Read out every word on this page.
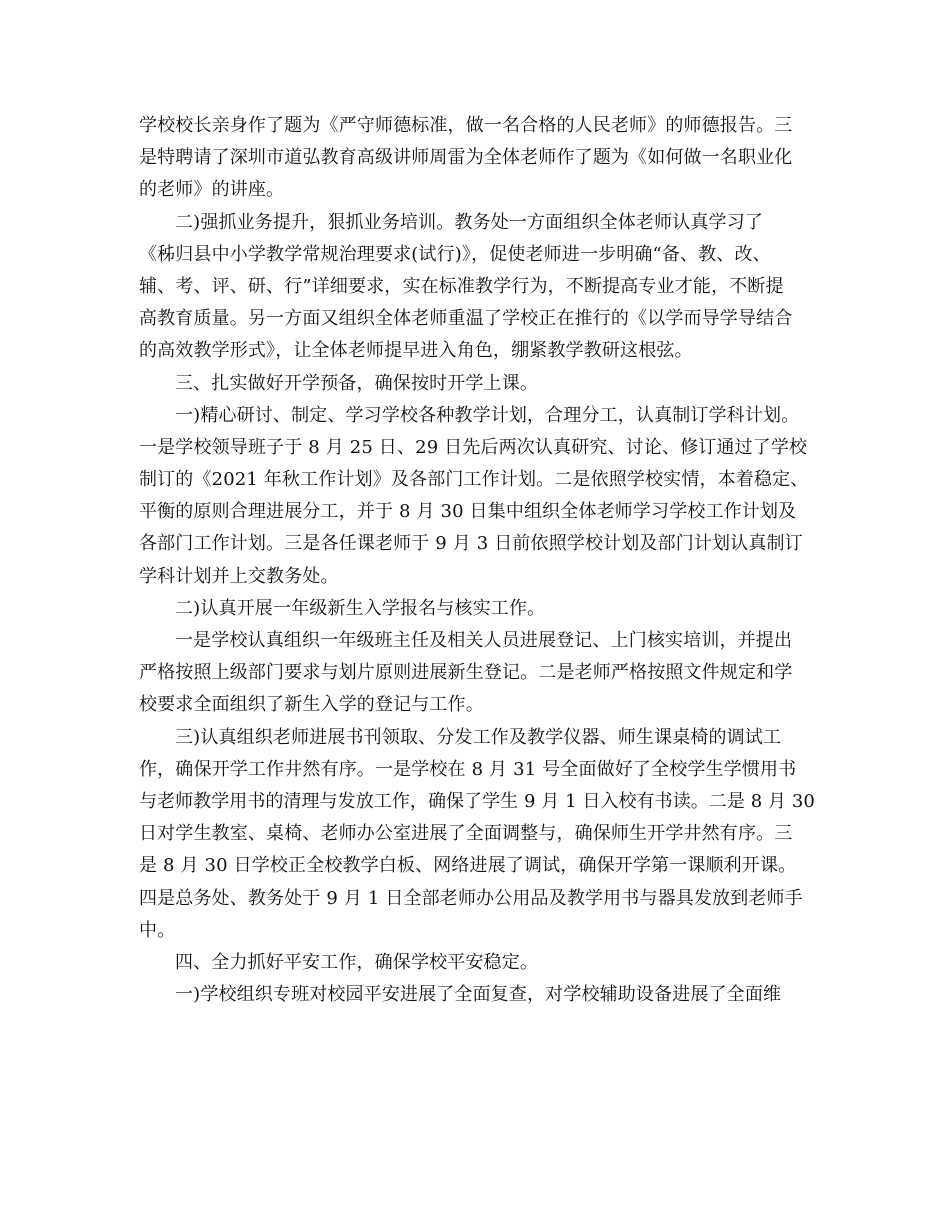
学校校长亲身作了题为《严守师德标准，做一名合格的人民老师》的师德报告。三
是特聘请了深圳市道弘教育高级讲师周雷为全体老师作了题为《如何做一名职业化
的老师》的讲座。
二)强抓业务提升，狠抓业务培训。教务处一方面组织全体老师认真学习了
《秭归县中小学教学常规治理要求(试行)》，促使老师进一步明确“备、教、改、
辅、考、评、研、行”详细要求，实在标准教学行为，不断提高专业才能，不断提
高教育质量。另一方面又组织全体老师重温了学校正在推行的《以学而导学导结合
的高效教学形式》，让全体老师提早进入角色，绷紧教学教研这根弦。
三、扎实做好开学预备，确保按时开学上课。
一)精心研讨、制定、学习学校各种教学计划，合理分工，认真制订学科计划。
一是学校领导班子于 8 月 25 日、29 日先后两次认真研究、讨论、修订通过了学校
制订的《2021 年秋工作计划》及各部门工作计划。二是依照学校实情，本着稳定、
平衡的原则合理进展分工，并于 8 月 30 日集中组织全体老师学习学校工作计划及
各部门工作计划。三是各任课老师于 9 月 3 日前依照学校计划及部门计划认真制订
学科计划并上交教务处。
二)认真开展一年级新生入学报名与核实工作。
一是学校认真组织一年级班主任及相关人员进展登记、上门核实培训，并提出
严格按照上级部门要求与划片原则进展新生登记。二是老师严格按照文件规定和学
校要求全面组织了新生入学的登记与工作。
三)认真组织老师进展书刊领取、分发工作及教学仪器、师生课桌椅的调试工
作，确保开学工作井然有序。一是学校在 8 月 31 号全面做好了全校学生学惯用书
与老师教学用书的清理与发放工作，确保了学生 9 月 1 日入校有书读。二是 8 月 30
日对学生教室、桌椅、老师办公室进展了全面调整与，确保师生开学井然有序。三
是 8 月 30 日学校正全校教学白板、网络进展了调试，确保开学第一课顺利开课。
四是总务处、教务处于 9 月 1 日全部老师办公用品及教学用书与器具发放到老师手
中。
四、全力抓好平安工作，确保学校平安稳定。
一)学校组织专班对校园平安进展了全面复查，对学校辅助设备进展了全面维
